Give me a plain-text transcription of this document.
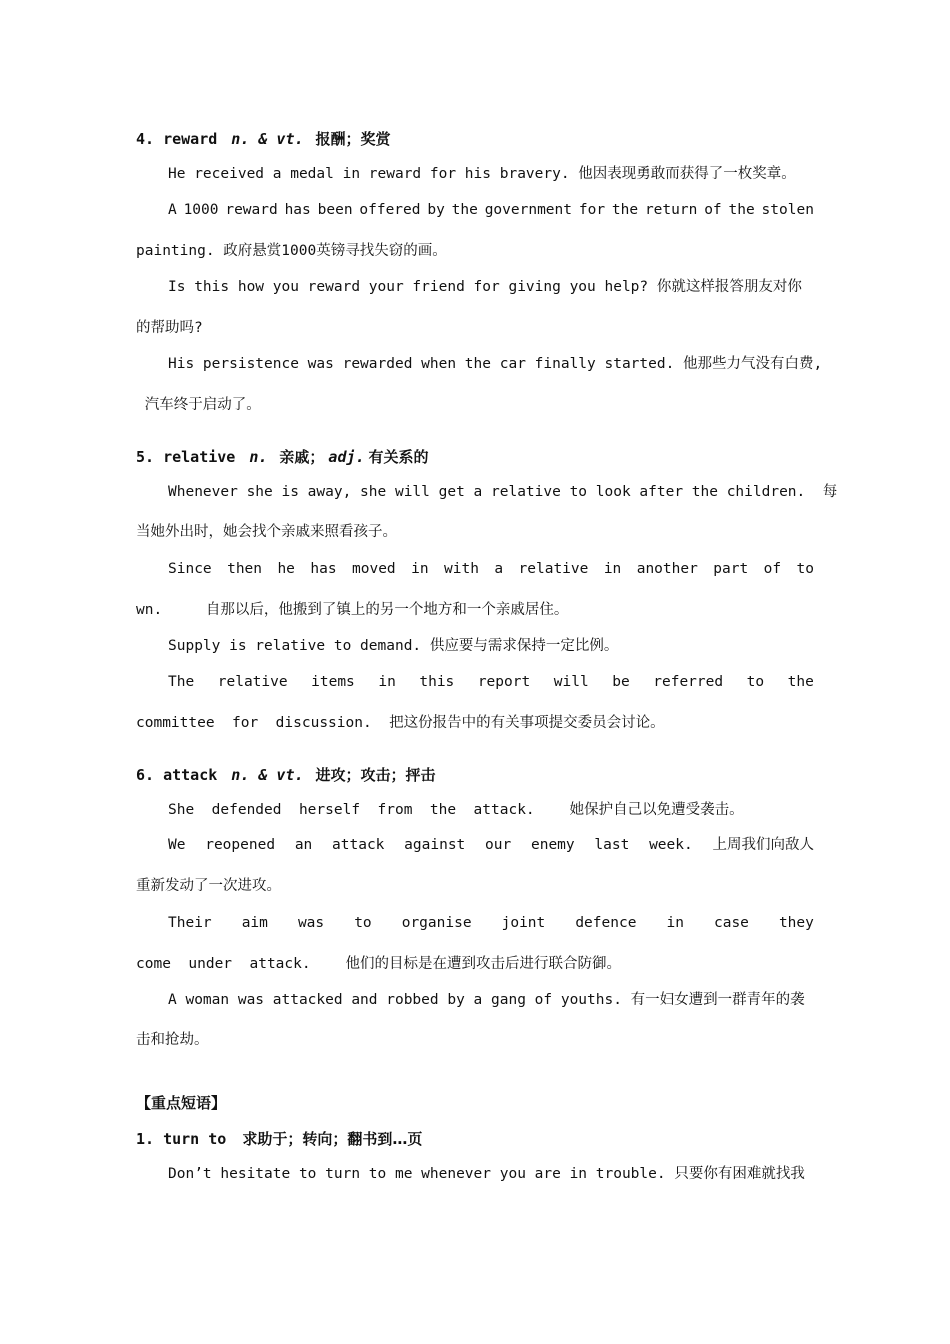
4. reward n. & vt. 报酬；奖赏
He received a medal in reward for his bravery. 他因表现勇敢而获得了一枚奖章。
A 1000 reward has been offered by the government for the return of the stolen
painting. 政府悬赏1000英镑寻找失窃的画。
Is this how you reward your friend for giving you help? 你就这样报答朋友对你
的帮助吗?
His persistence was rewarded when the car finally started. 他那些力气没有白费,
汽车终于启动了。
5. relative n. 亲戚； adj. 有关系的
Whenever she is away, she will get a relative to look after the children.  每
当她外出时，她会找个亲戚来照看孩子。
Since then he has moved in with a relative in another part of to
wn.     自那以后，他搬到了镇上的另一个地方和一个亲戚居住。
Supply is relative to demand. 供应要与需求保持一定比例。
The relative items in this report will be referred to the
committee  for  discussion.  把这份报告中的有关事项提交委员会讨论。
6. attack n. & vt. 进攻；攻击；抨击
She  defended  herself  from  the  attack.    她保护自己以免遭受袭击。
We reopened an attack against our enemy last week. 上周我们向敌人
重新发动了一次进攻。
Their aim was to organise joint defence in case they
come  under  attack.    他们的目标是在遭到攻击后进行联合防御。
A woman was attacked and robbed by a gang of youths. 有一妇女遭到一群青年的袭
击和抢劫。
【重点短语】
1. turn to 求助于；转向；翻书到…页
Don’t hesitate to turn to me whenever you are in trouble. 只要你有困难就找我
